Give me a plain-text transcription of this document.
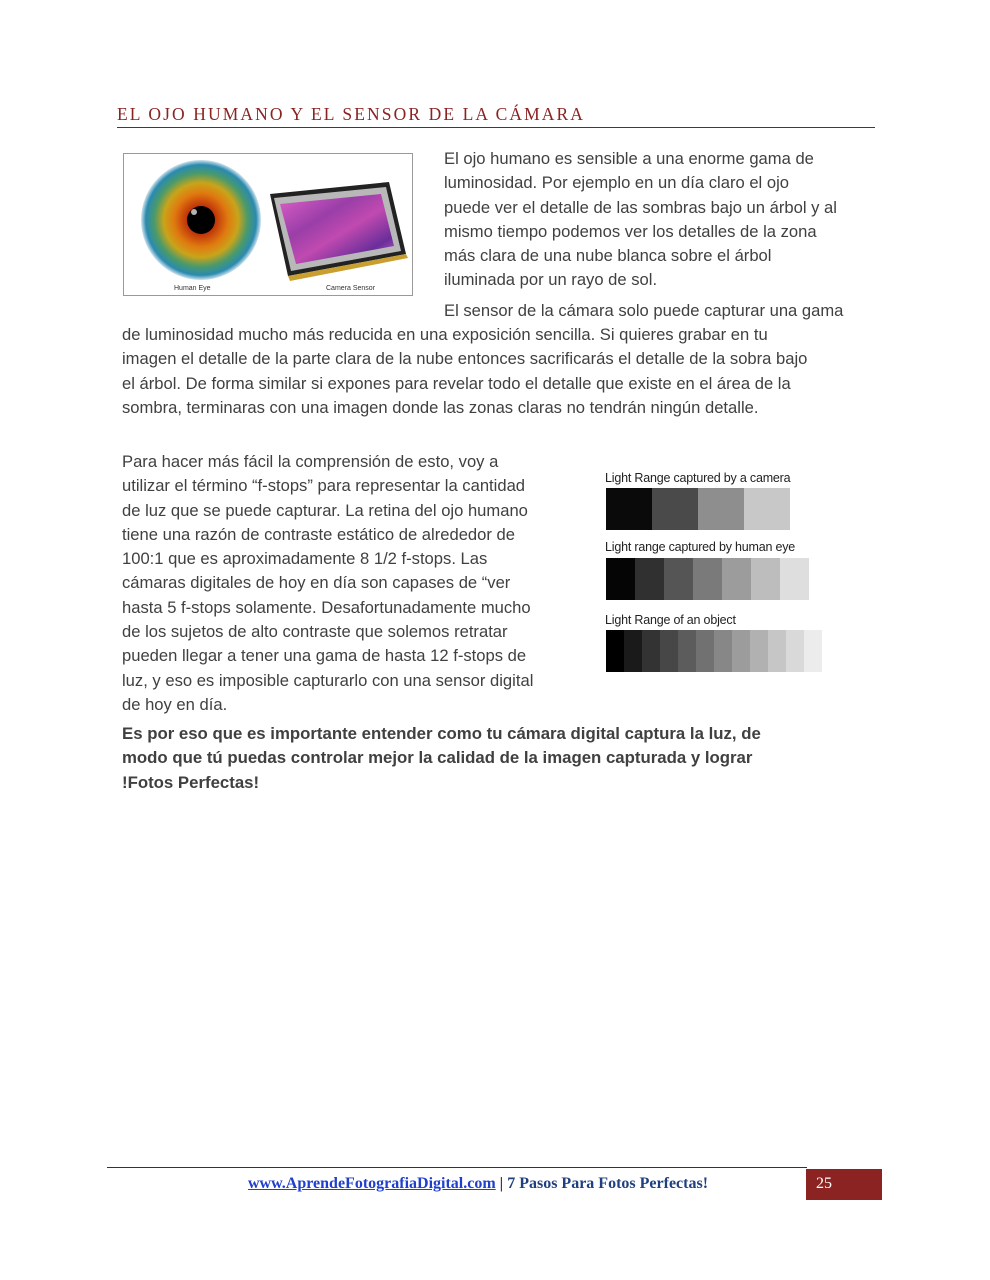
EL OJO HUMANO Y EL SENSOR DE LA CÁMARA
Human Eye	Camera Sensor
El ojo humano es sensible a una enorme gama de
luminosidad. Por ejemplo en un día claro el ojo
puede ver el detalle de las sombras bajo un árbol y al
mismo tiempo podemos ver los detalles de la zona
más clara de una nube blanca sobre el árbol
iluminada por un rayo de sol.
El sensor de la cámara solo puede capturar una gama
de luminosidad mucho más reducida en una exposición sencilla. Si quieres grabar en tu
imagen el detalle de la parte clara de la nube entonces sacrificarás el detalle de la sobra bajo
el árbol. De forma similar si expones para revelar todo el detalle que existe en el área de la
sombra, terminaras con una imagen donde las zonas claras no tendrán ningún detalle.
Para hacer más fácil la comprensión de esto, voy a
utilizar el término “f-stops” para representar la cantidad
de luz que se puede capturar. La retina del ojo humano
tiene una razón de contraste estático de alrededor de
100:1 que es aproximadamente 8 1/2 f-stops. Las
cámaras digitales de hoy en día son capases de “ver
hasta 5 f-stops solamente. Desafortunadamente mucho
de los sujetos de alto contraste que solemos retratar
pueden llegar a tener una gama de hasta 12 f-stops de
luz, y eso es imposible capturarlo con una sensor digital
de hoy en día.
Light Range captured by a camera
Light range captured by human eye
Light Range of an object
Es por eso que es importante entender como tu cámara digital captura la luz, de
modo que tú puedas controlar mejor la calidad de la imagen capturada y lograr
!Fotos Perfectas!
www.AprendeFotografiaDigital.com | 7 Pasos Para Fotos Perfectas!	25
